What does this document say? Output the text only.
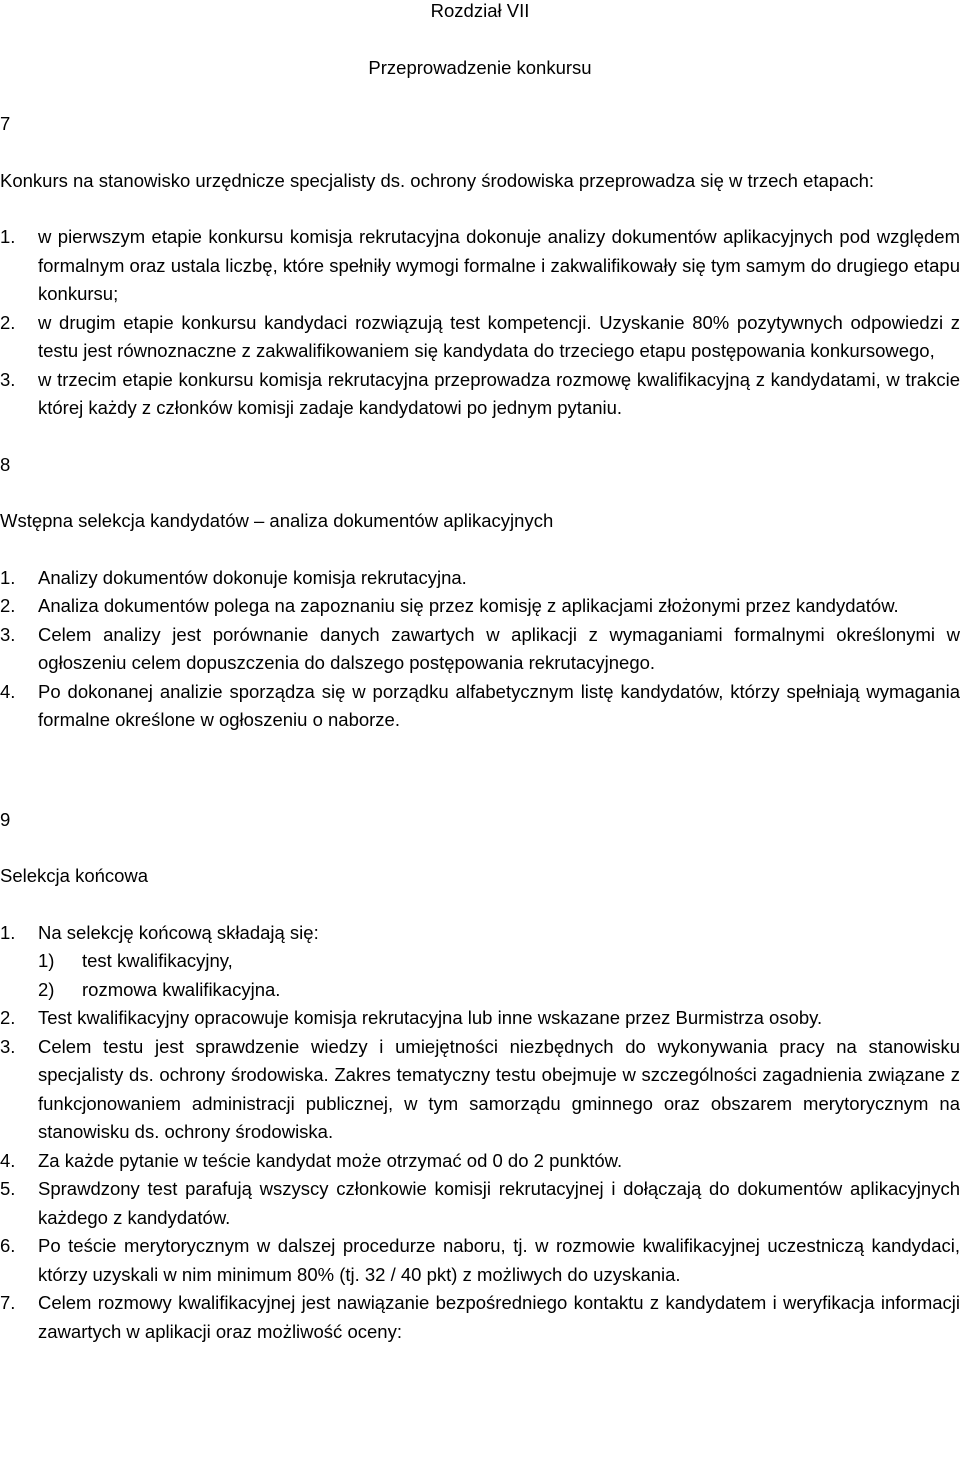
Rozdział VII

Przeprowadzenie konkursu

7

Konkurs na stanowisko urzędnicze specjalisty ds. ochrony środowiska przeprowadza się w trzech etapach:

1. w pierwszym etapie konkursu komisja rekrutacyjna dokonuje analizy dokumentów aplikacyjnych pod względem formalnym oraz ustala liczbę, które spełniły wymogi formalne i zakwalifikowały się tym samym do drugiego etapu konkursu;
2. w drugim etapie konkursu kandydaci rozwiązują test kompetencji. Uzyskanie 80% pozytywnych odpowiedzi z testu jest równoznaczne z zakwalifikowaniem się kandydata do trzeciego etapu postępowania konkursowego,
3. w trzecim etapie konkursu komisja rekrutacyjna przeprowadza rozmowę kwalifikacyjną z kandydatami, w trakcie której każdy z członków komisji zadaje kandydatowi po jednym pytaniu.

8

Wstępna selekcja kandydatów – analiza dokumentów aplikacyjnych

1. Analizy dokumentów dokonuje komisja rekrutacyjna.
2. Analiza dokumentów polega na zapoznaniu się przez komisję z aplikacjami złożonymi przez kandydatów.
3. Celem analizy jest porównanie danych zawartych w aplikacji z wymaganiami formalnymi określonymi w ogłoszeniu celem dopuszczenia do dalszego postępowania rekrutacyjnego.
4. Po dokonanej analizie sporządza się w porządku alfabetycznym listę kandydatów, którzy spełniają wymagania formalne określone w ogłoszeniu o naborze.

9

Selekcja końcowa

1. Na selekcję końcową składają się:
1) test kwalifikacyjny,
2) rozmowa kwalifikacyjna.
2. Test kwalifikacyjny opracowuje komisja rekrutacyjna lub inne wskazane przez Burmistrza osoby.
3. Celem testu jest sprawdzenie wiedzy i umiejętności niezbędnych do wykonywania pracy na stanowisku specjalisty ds. ochrony środowiska. Zakres tematyczny testu obejmuje w szczególności zagadnienia związane z funkcjonowaniem administracji publicznej, w tym samorządu gminnego oraz obszarem merytorycznym na stanowisku ds. ochrony środowiska.
4. Za każde pytanie w teście kandydat może otrzymać od 0 do 2 punktów.
5. Sprawdzony test parafują wszyscy członkowie komisji rekrutacyjnej i dołączają do dokumentów aplikacyjnych każdego z kandydatów.
6. Po teście merytorycznym w dalszej procedurze naboru, tj. w rozmowie kwalifikacyjnej uczestniczą kandydaci, którzy uzyskali w nim minimum 80% (tj. 32 / 40 pkt) z możliwych do uzyskania.
7. Celem rozmowy kwalifikacyjnej jest nawiązanie bezpośredniego kontaktu z kandydatem i weryfikacja informacji zawartych w aplikacji oraz możliwość oceny:
